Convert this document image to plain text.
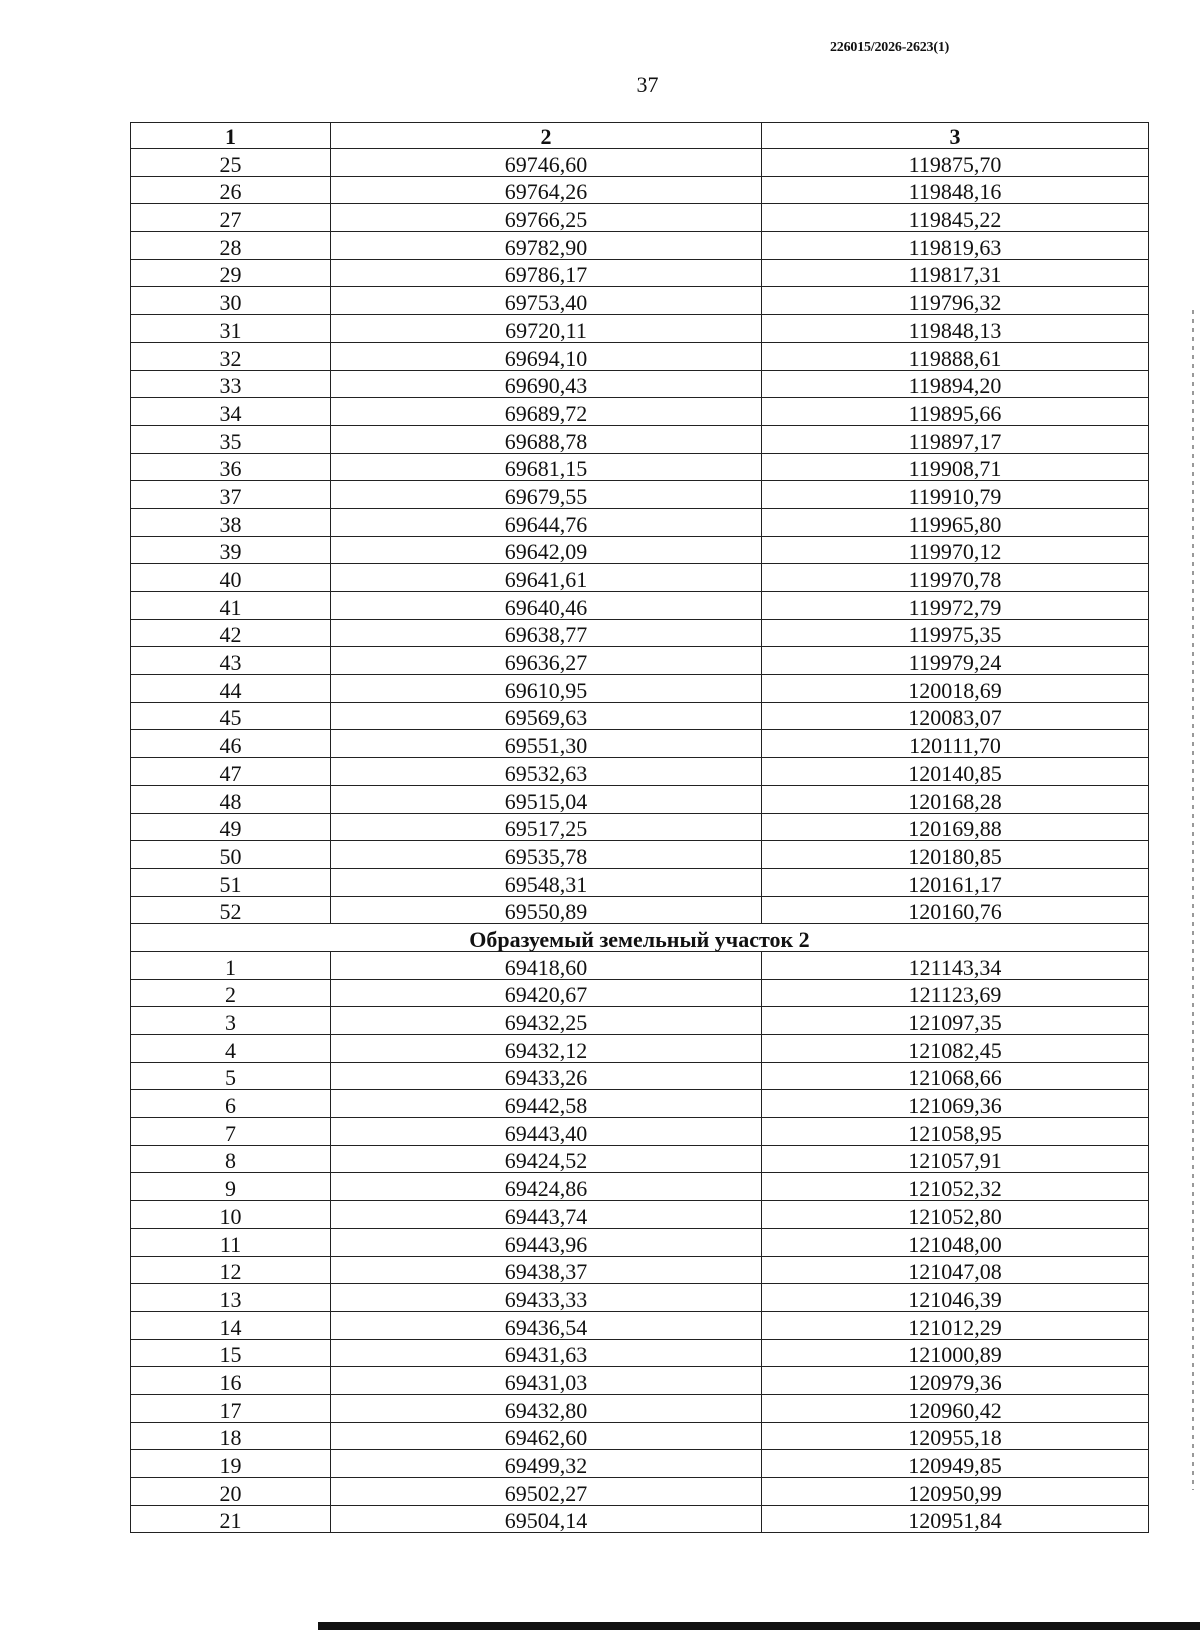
226015/2026-2623(1)
37
1	2	3
25	69746,60	119875,70
26	69764,26	119848,16
27	69766,25	119845,22
28	69782,90	119819,63
29	69786,17	119817,31
30	69753,40	119796,32
31	69720,11	119848,13
32	69694,10	119888,61
33	69690,43	119894,20
34	69689,72	119895,66
35	69688,78	119897,17
36	69681,15	119908,71
37	69679,55	119910,79
38	69644,76	119965,80
39	69642,09	119970,12
40	69641,61	119970,78
41	69640,46	119972,79
42	69638,77	119975,35
43	69636,27	119979,24
44	69610,95	120018,69
45	69569,63	120083,07
46	69551,30	120111,70
47	69532,63	120140,85
48	69515,04	120168,28
49	69517,25	120169,88
50	69535,78	120180,85
51	69548,31	120161,17
52	69550,89	120160,76
Образуемый земельный участок 2		
1	69418,60	121143,34
2	69420,67	121123,69
3	69432,25	121097,35
4	69432,12	121082,45
5	69433,26	121068,66
6	69442,58	121069,36
7	69443,40	121058,95
8	69424,52	121057,91
9	69424,86	121052,32
10	69443,74	121052,80
11	69443,96	121048,00
12	69438,37	121047,08
13	69433,33	121046,39
14	69436,54	121012,29
15	69431,63	121000,89
16	69431,03	120979,36
17	69432,80	120960,42
18	69462,60	120955,18
19	69499,32	120949,85
20	69502,27	120950,99
21	69504,14	120951,84
